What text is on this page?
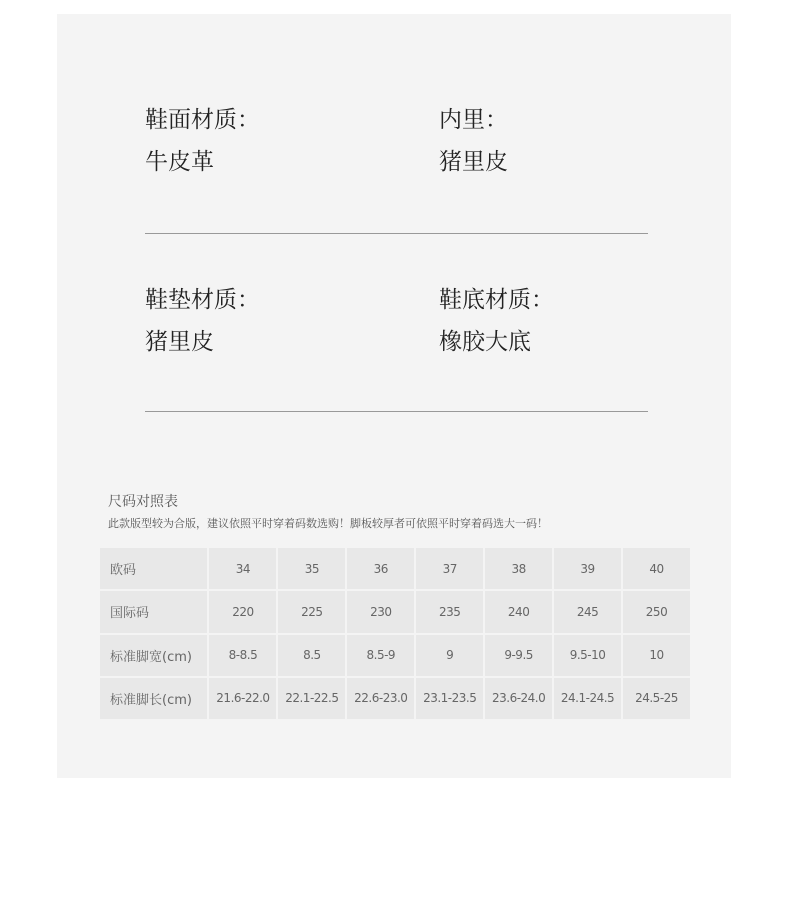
鞋面材质：
牛皮革
内里：
猪里皮
鞋垫材质：
猪里皮
鞋底材质：
橡胶大底
尺码对照表
此款版型较为合版，建议依照平时穿着码数选购！脚板较厚者可依照平时穿着码选大一码！
欧码	34	35	36	37	38	39	40
国际码	220	225	230	235	240	245	250
标准脚宽(cm)	8-8.5	8.5	8.5-9	9	9-9.5	9.5-10	10
标准脚长(cm)	21.6-22.0	22.1-22.5	22.6-23.0	23.1-23.5	23.6-24.0	24.1-24.5	24.5-25
